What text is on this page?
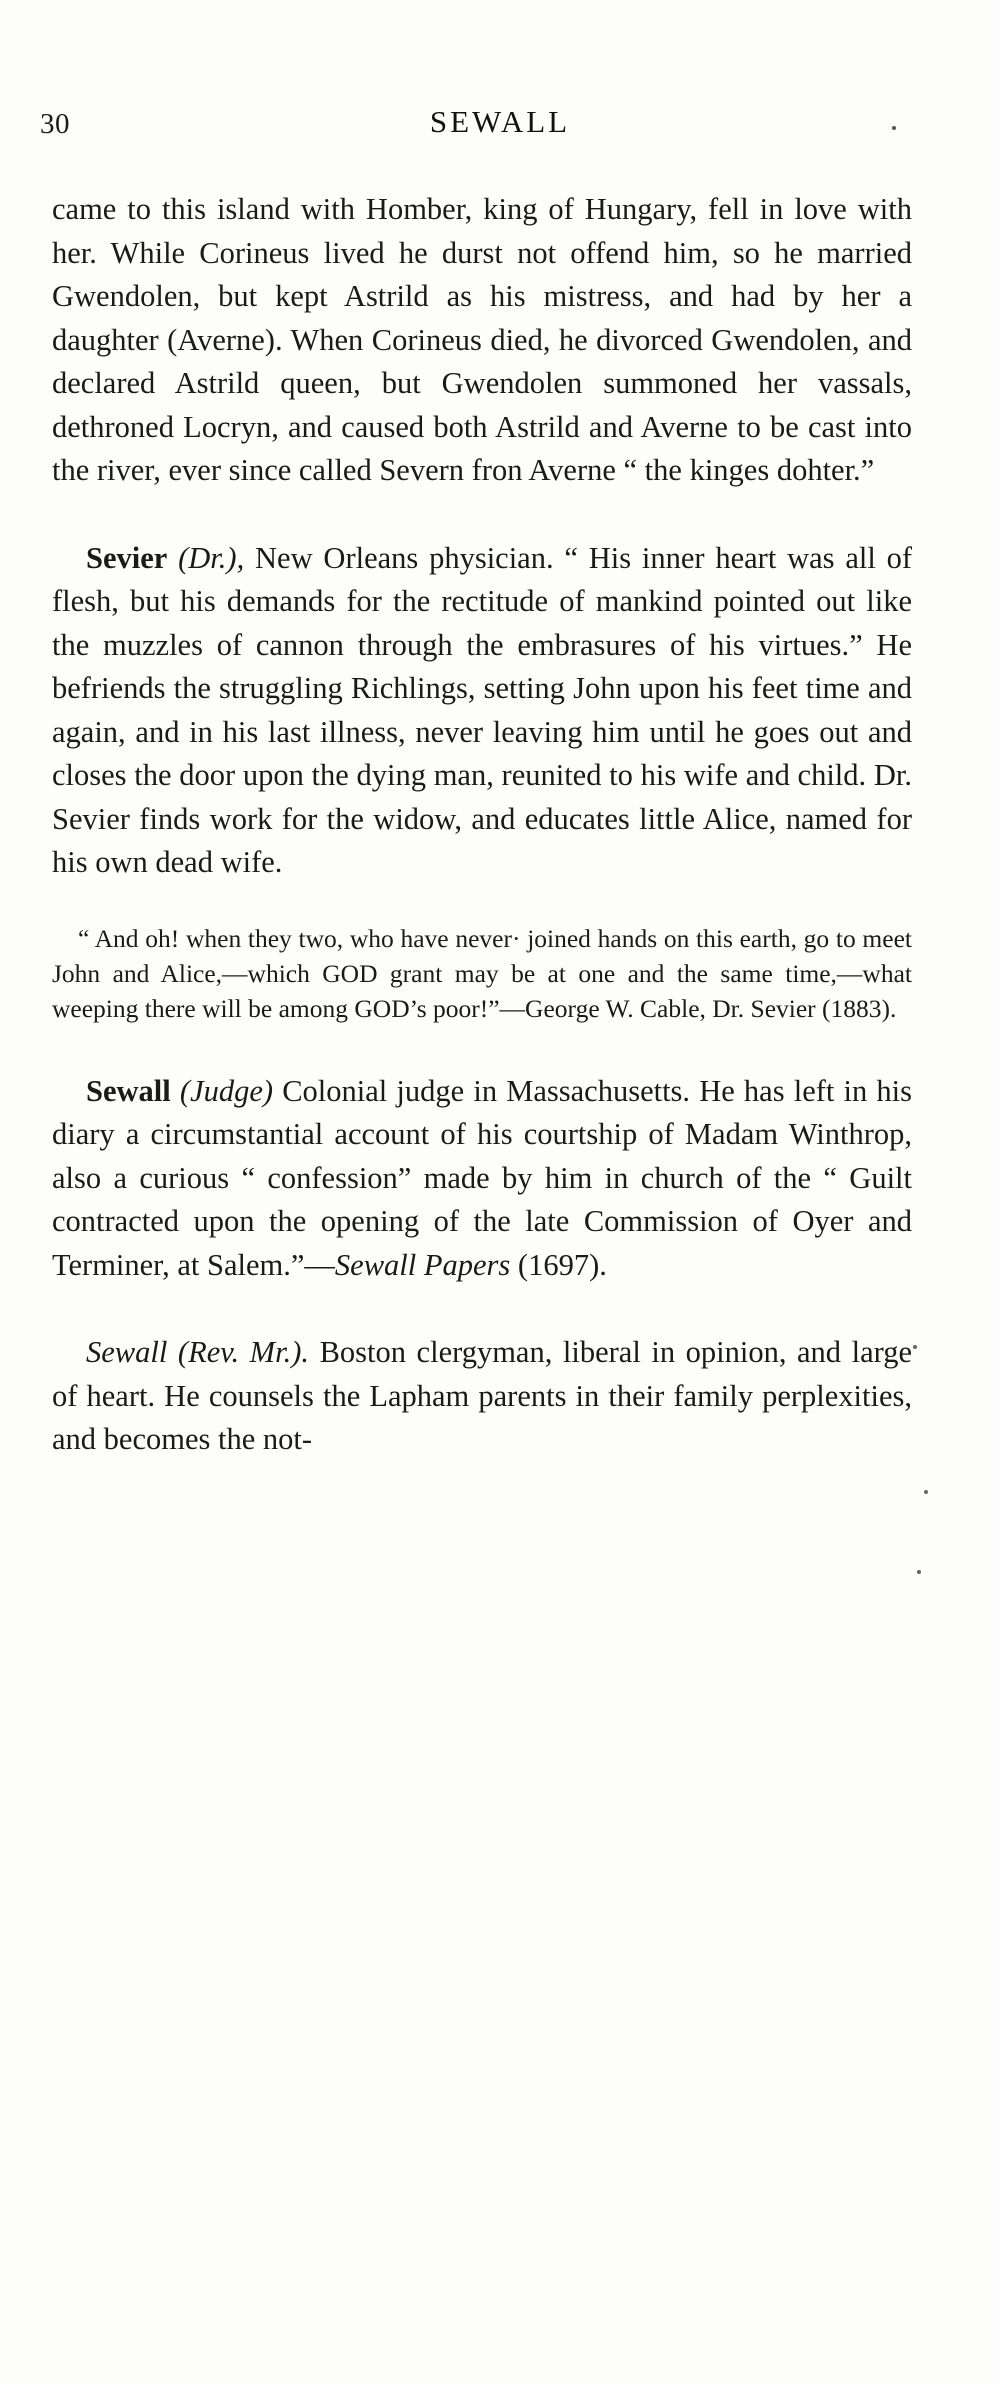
30	SEWALL

came to this island with Homber, king of Hungary, fell in love with her. While Corineus lived he durst not offend him, so he married Gwendolen, but kept Astrild as his mistress, and had by her a daughter (Averne). When Corineus died, he divorced Gwendolen, and declared Astrild queen, but Gwendolen summoned her vassals, dethroned Locryn, and caused both Astrild and Averne to be cast into the river, ever since called Severn fron Averne “ the kinges dohter.”

Sevier (Dr.), New Orleans physician. “ His inner heart was all of flesh, but his demands for the rectitude of mankind pointed out like the muzzles of cannon through the embrasures of his virtues.” He befriends the struggling Richlings, setting John upon his feet time and again, and in his last illness, never leaving him until he goes out and closes the door upon the dying man, reunited to his wife and child. Dr. Sevier finds work for the widow, and educates little Alice, named for his own dead wife.

“ And oh! when they two, who have never· joined hands on this earth, go to meet John and Alice,—which GOD grant may be at one and the same time,—what weeping there will be among GOD’s poor!”—George W. Cable, Dr. Sevier (1883).

Sewall (Judge) Colonial judge in Massachusetts. He has left in his diary a circumstantial account of his courtship of Madam Winthrop, also a curious “ confession” made by him in church of the “ Guilt contracted upon the opening of the late Commission of Oyer and Terminer, at Salem.”—Sewall Papers (1697).

Sewall (Rev. Mr.). Boston clergyman, liberal in opinion, and large of heart. He counsels the Lapham parents in their family perplexities, and becomes the not-
